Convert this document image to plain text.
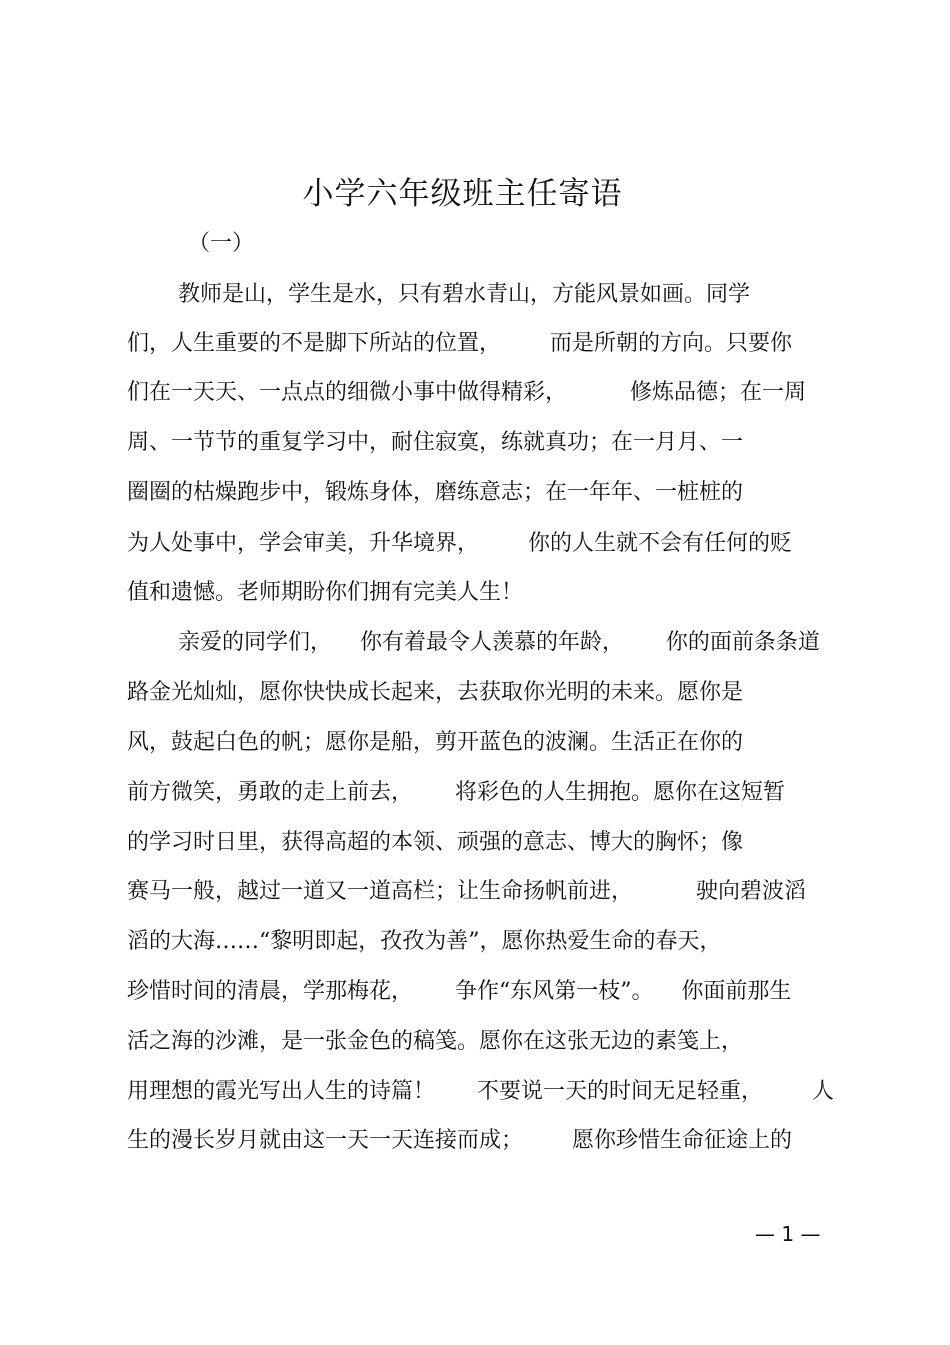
小学六年级班主任寄语
（一）
教师是山，学生是水，只有碧水青山，方能风景如画。同学
们，人生重要的不是脚下所站的位置，       而是所朝的方向。只要你
们在一天天、一点点的细微小事中做得精彩，         修炼品德；在一周
周、一节节的重复学习中，耐住寂寞，练就真功；在一月月、一
圈圈的枯燥跑步中，锻炼身体，磨练意志；在一年年、一桩桩的
为人处事中，学会审美，升华境界，       你的人生就不会有任何的贬
值和遗憾。老师期盼你们拥有完美人生！
亲爱的同学们，    你有着最令人羡慕的年龄，      你的面前条条道
路金光灿灿，愿你快快成长起来，去获取你光明的未来。愿你是
风，鼓起白色的帆；愿你是船，剪开蓝色的波澜。生活正在你的
前方微笑，勇敢的走上前去，      将彩色的人生拥抱。愿你在这短暂
的学习时日里，获得高超的本领、顽强的意志、博大的胸怀；像
赛马一般，越过一道又一道高栏；让生命扬帆前进，         驶向碧波滔
滔的大海……“黎明即起，孜孜为善”，愿你热爱生命的春天，
珍惜时间的清晨，学那梅花，      争作“东风第一枝”。    你面前那生
活之海的沙滩，是一张金色的稿笺。愿你在这张无边的素笺上，
用理想的霞光写出人生的诗篇！      不要说一天的时间无足轻重，       人
生的漫长岁月就由这一天一天连接而成；       愿你珍惜生命征途上的
— 1 —
